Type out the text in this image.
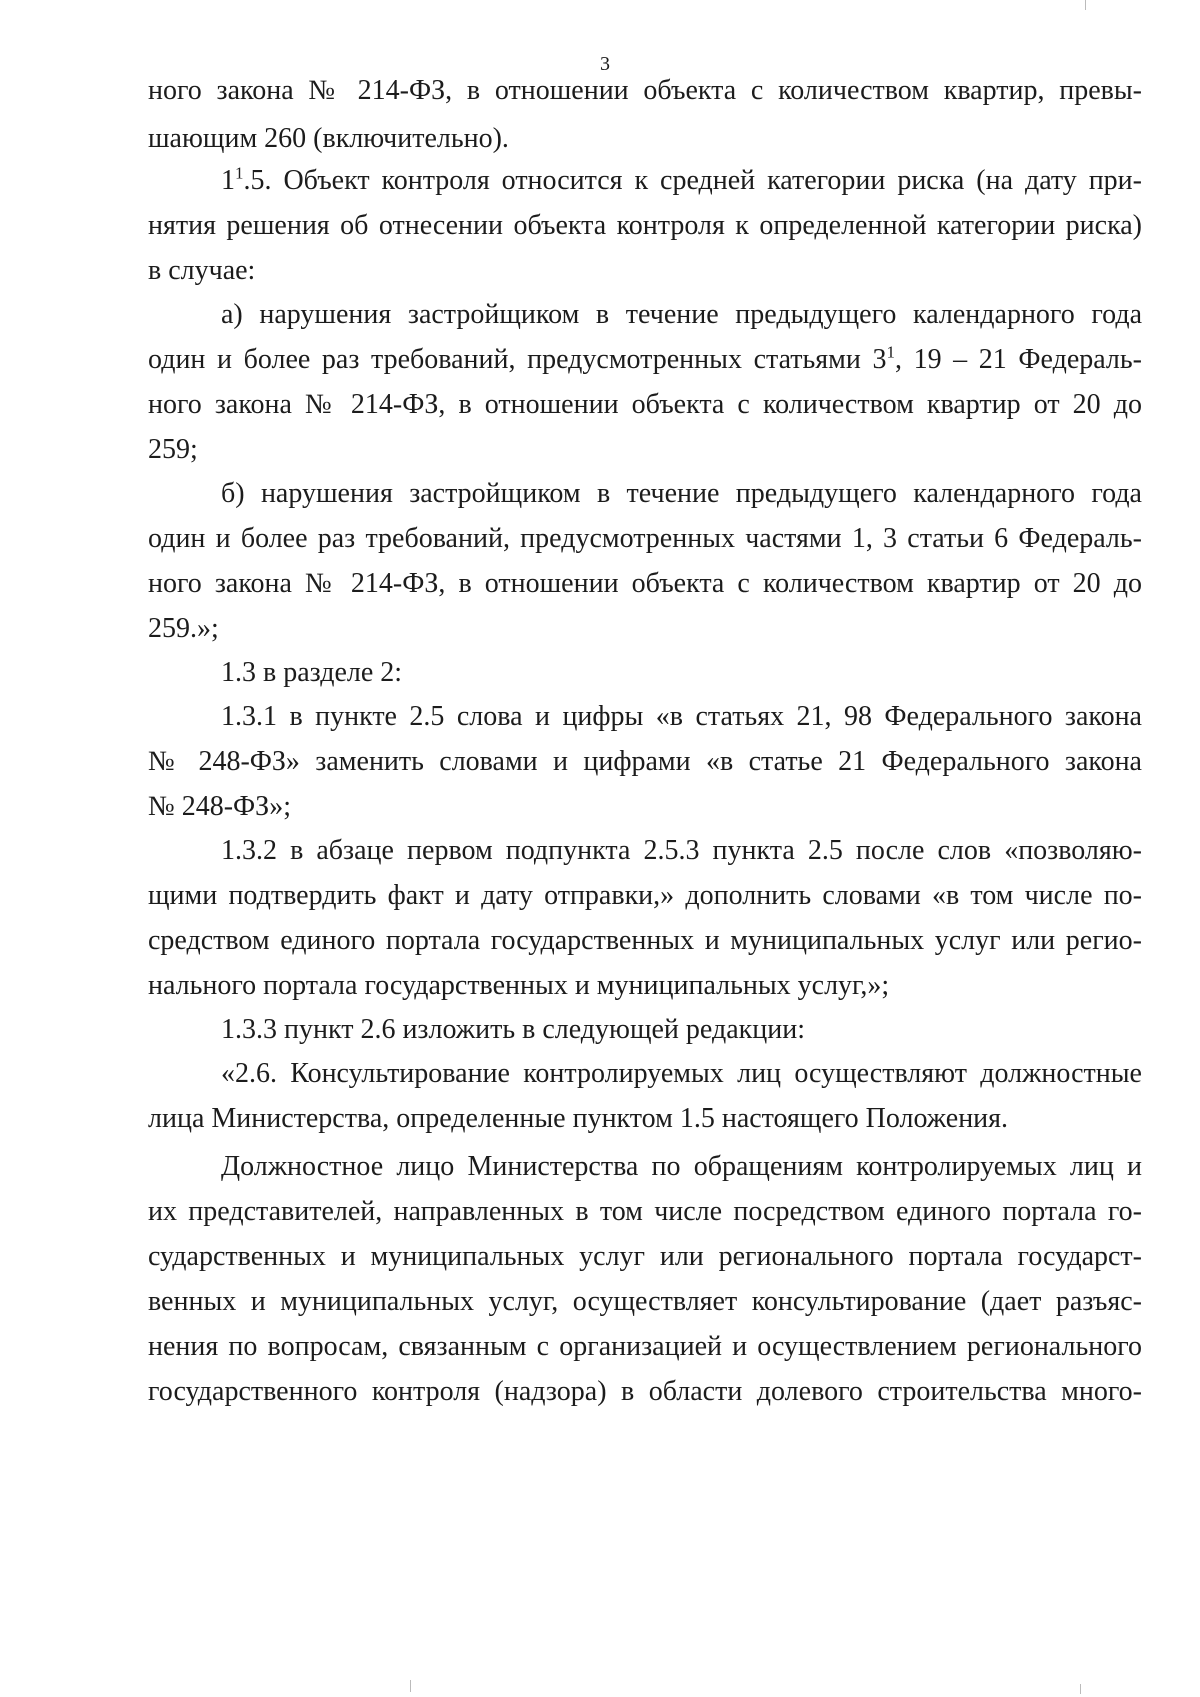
3
ного закона № 214-ФЗ, в отношении объекта с количеством квартир, превы-
шающим 260 (включительно).
$1^1.5$. Объект контроля относится к средней категории риска (на дату при-
нятия решения об отнесении объекта контроля к определенной категории риска)
в случае:
а) нарушения застройщиком в течение предыдущего календарного года
один и более раз требований, предусмотренных статьями $3^1$, 19 – 21 Федераль-
ного закона № 214-ФЗ, в отношении объекта с количеством квартир от 20 до
259;
б) нарушения застройщиком в течение предыдущего календарного года
один и более раз требований, предусмотренных частями 1, 3 статьи 6 Федераль-
ного закона № 214-ФЗ, в отношении объекта с количеством квартир от 20 до
259.»;
1.3 в разделе 2:
1.3.1 в пункте 2.5 слова и цифры «в статьях 21, 98 Федерального закона
№ 248-ФЗ» заменить словами и цифрами «в статье 21 Федерального закона
№ 248-ФЗ»;
1.3.2 в абзаце первом подпункта 2.5.3 пункта 2.5 после слов «позволяю-
щими подтвердить факт и дату отправки,» дополнить словами «в том числе по-
средством единого портала государственных и муниципальных услуг или регио-
нального портала государственных и муниципальных услуг,»;
1.3.3 пункт 2.6 изложить в следующей редакции:
«2.6. Консультирование контролируемых лиц осуществляют должностные
лица Министерства, определенные пунктом 1.5 настоящего Положения.
Должностное лицо Министерства по обращениям контролируемых лиц и
их представителей, направленных в том числе посредством единого портала го-
сударственных и муниципальных услуг или регионального портала государст-
венных и муниципальных услуг, осуществляет консультирование (дает разъяс-
нения по вопросам, связанным с организацией и осуществлением регионального
государственного контроля (надзора) в области долевого строительства много-
